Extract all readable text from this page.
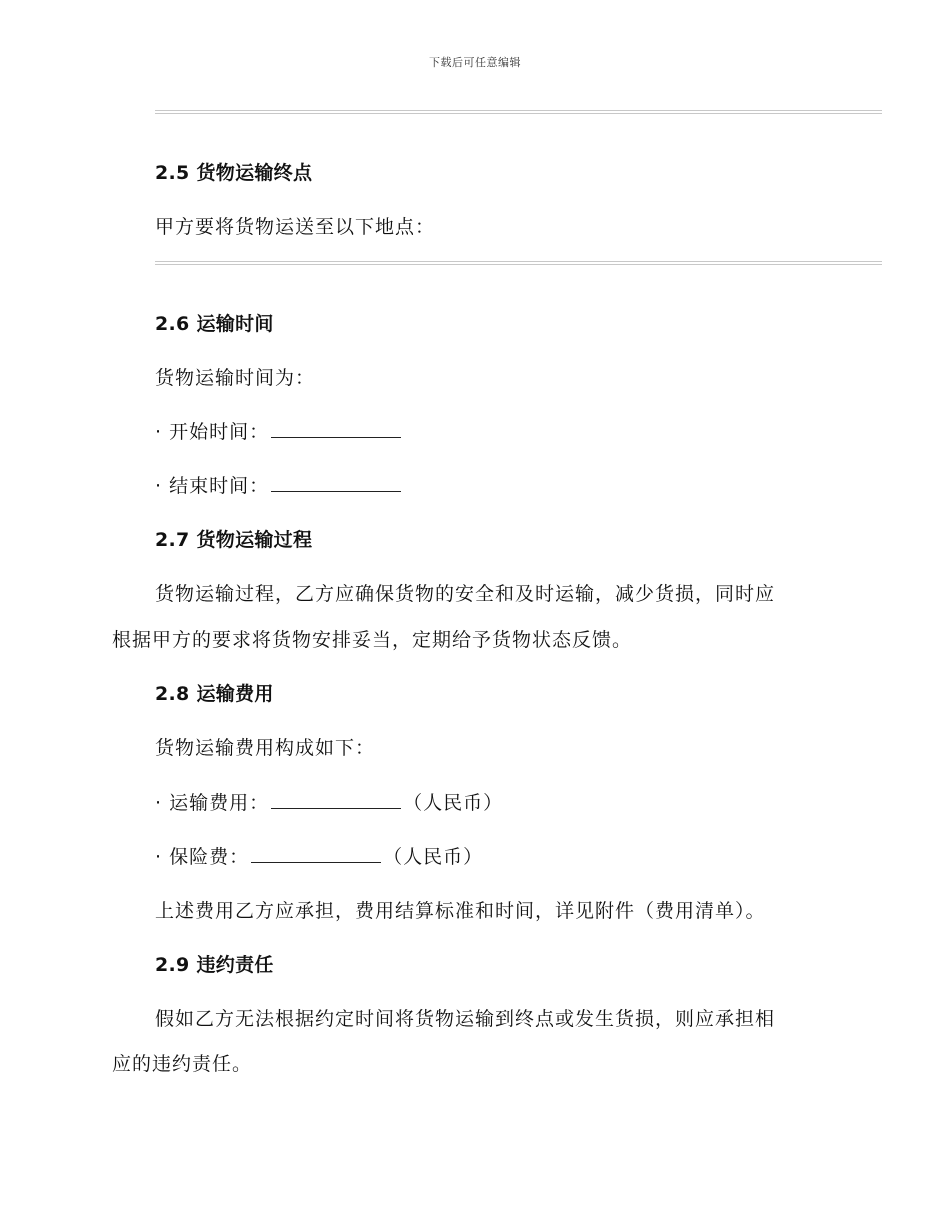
下载后可任意编辑
2.5 货物运输终点
甲方要将货物运送至以下地点：
2.6 运输时间
货物运输时间为：
· 开始时间：
· 结束时间：
2.7 货物运输过程
货物运输过程，乙方应确保货物的安全和及时运输，减少货损，同时应
根据甲方的要求将货物安排妥当，定期给予货物状态反馈。
2.8 运输费用
货物运输费用构成如下：
· 运输费用：	（人民币）
· 保险费：	（人民币）
上述费用乙方应承担，费用结算标准和时间，详见附件（费用清单）。
2.9 违约责任
假如乙方无法根据约定时间将货物运输到终点或发生货损，则应承担相
应的违约责任。
